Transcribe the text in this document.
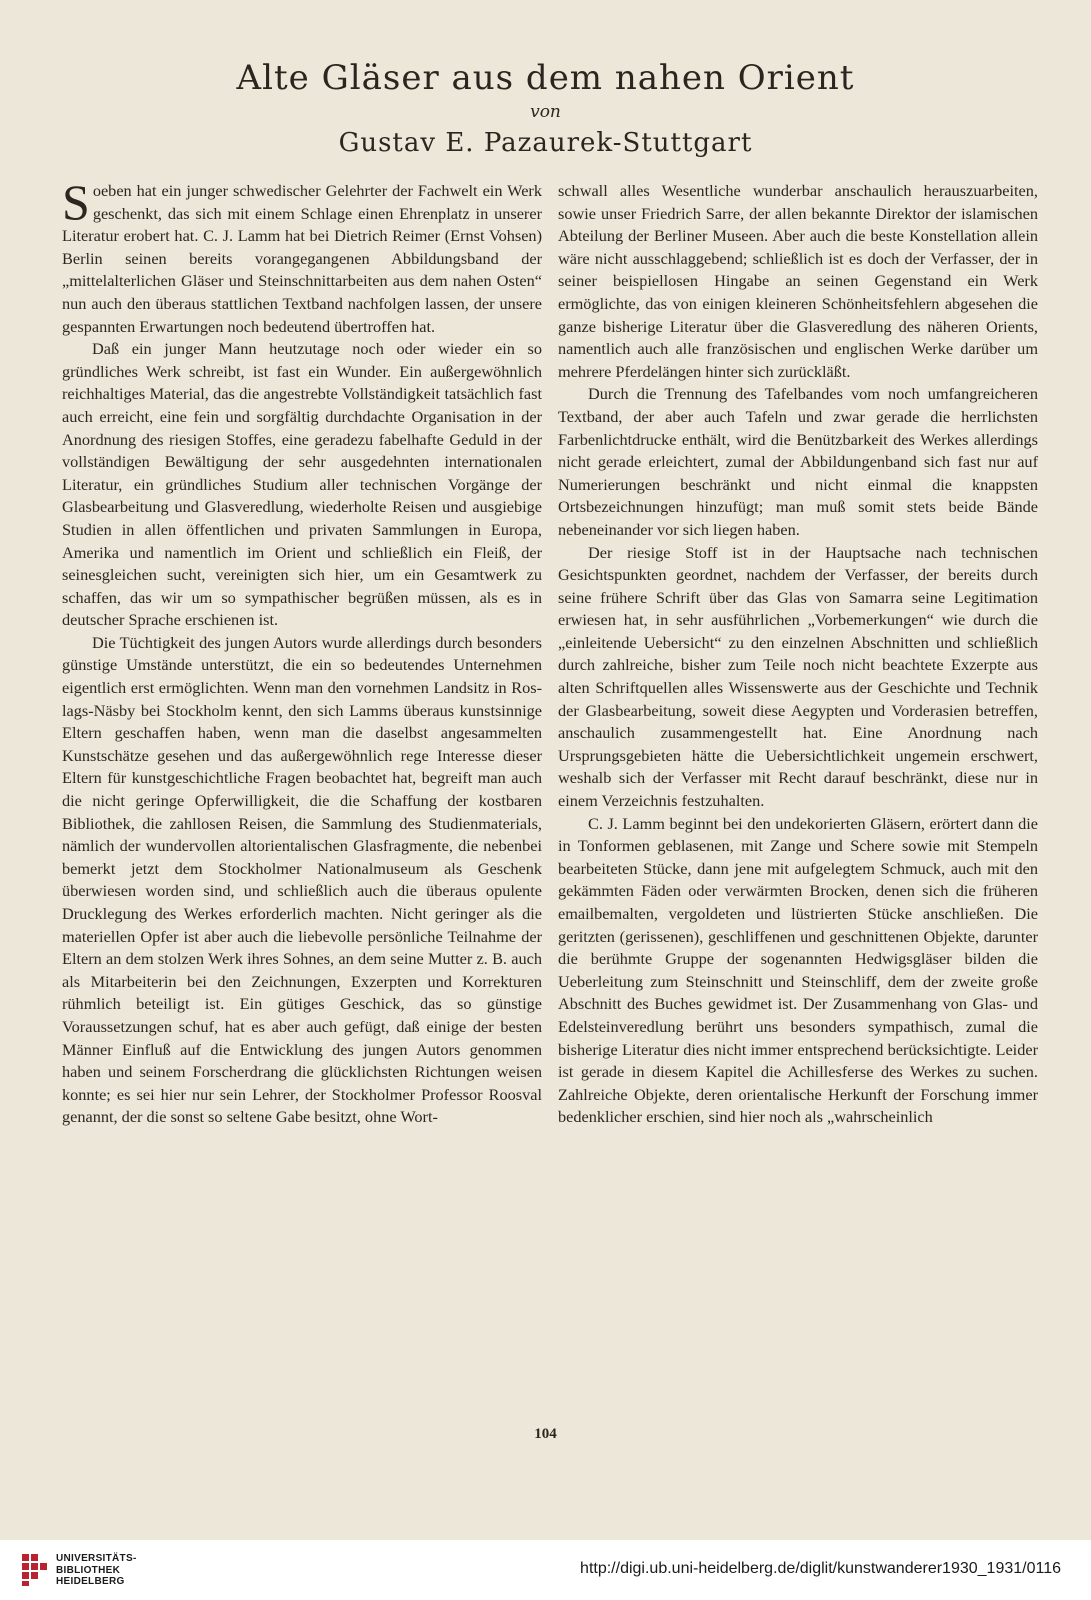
Alte Gläser aus dem nahen Orient
von
Gustav E. Pazaurek-Stuttgart

Soeben hat ein junger schwedischer Gelehrter der Fachwelt ein Werk geschenkt, das sich mit einem Schlage einen Ehrenplatz in unserer Literatur erobert hat. C. J. Lamm hat bei Dietrich Reimer (Ernst Vohsen) Berlin seinen bereits vorangegangenen Abbildungsband der „mittelalterlichen Gläser und Steinschnittarbeiten aus dem nahen Osten“ nun auch den überaus stattlichen Textband nachfolgen lassen, der unsere gespannten Erwartungen noch bedeutend übertroffen hat.

Daß ein junger Mann heutzutage noch oder wieder ein so gründliches Werk schreibt, ist fast ein Wunder. Ein außergewöhnlich reichhaltiges Material, das die angestrebte Vollständigkeit tatsächlich fast auch erreicht, eine fein und sorgfältig durchdachte Organisation in der Anordnung des riesigen Stoffes, eine geradezu fabelhafte Geduld in der vollständigen Bewältigung der sehr ausgedehnten internationalen Literatur, ein gründliches Studium aller technischen Vorgänge der Glasbearbeitung und Glasveredlung, wiederholte Reisen und ausgiebige Studien in allen öffentlichen und privaten Sammlungen in Europa, Amerika und namentlich im Orient und schließlich ein Fleiß, der seinesgleichen sucht, vereinigten sich hier, um ein Gesamtwerk zu schaffen, das wir um so sympathischer begrüßen müssen, als es in deutscher Sprache erschienen ist.

Die Tüchtigkeit des jungen Autors wurde allerdings durch besonders günstige Umstände unterstützt, die ein so bedeutendes Unternehmen eigentlich erst ermöglichten. Wenn man den vornehmen Landsitz in Roslags-Näsby bei Stockholm kennt, den sich Lamms überaus kunstsinnige Eltern geschaffen haben, wenn man die daselbst angesammelten Kunstschätze gesehen und das außergewöhnlich rege Interesse dieser Eltern für kunstgeschichtliche Fragen beobachtet hat, begreift man auch die nicht geringe Opferwilligkeit, die die Schaffung der kostbaren Bibliothek, die zahllosen Reisen, die Sammlung des Studienmaterials, nämlich der wundervollen altorientalischen Glasfragmente, die nebenbei bemerkt jetzt dem Stockholmer Nationalmuseum als Geschenk überwiesen worden sind, und schließlich auch die überaus opulente Drucklegung des Werkes erforderlich machten. Nicht geringer als die materiellen Opfer ist aber auch die liebevolle persönliche Teilnahme der Eltern an dem stolzen Werk ihres Sohnes, an dem seine Mutter z. B. auch als Mitarbeiterin bei den Zeichnungen, Exzerpten und Korrekturen rühmlich beteiligt ist. Ein gütiges Geschick, das so günstige Voraussetzungen schuf, hat es aber auch gefügt, daß einige der besten Männer Einfluß auf die Entwicklung des jungen Autors genommen haben und seinem Forscherdrang die glücklichsten Richtungen weisen konnte; es sei hier nur sein Lehrer, der Stockholmer Professor Roosval genannt, der die sonst so seltene Gabe besitzt, ohne Wort-

schwall alles Wesentliche wunderbar anschaulich herauszuarbeiten, sowie unser Friedrich Sarre, der allen bekannte Direktor der islamischen Abteilung der Berliner Museen. Aber auch die beste Konstellation allein wäre nicht ausschlaggebend; schließlich ist es doch der Verfasser, der in seiner beispiellosen Hingabe an seinen Gegenstand ein Werk ermöglichte, das von einigen kleineren Schönheitsfehlern abgesehen die ganze bisherige Literatur über die Glasveredlung des näheren Orients, namentlich auch alle französischen und englischen Werke darüber um mehrere Pferdelängen hinter sich zurückläßt.

Durch die Trennung des Tafelbandes vom noch umfangreicheren Textband, der aber auch Tafeln und zwar gerade die herrlichsten Farbenlichtdrucke enthält, wird die Benützbarkeit des Werkes allerdings nicht gerade erleichtert, zumal der Abbildungenband sich fast nur auf Numerierungen beschränkt und nicht einmal die knappsten Ortsbezeichnungen hinzufügt; man muß somit stets beide Bände nebeneinander vor sich liegen haben.

Der riesige Stoff ist in der Hauptsache nach technischen Gesichtspunkten geordnet, nachdem der Verfasser, der bereits durch seine frühere Schrift über das Glas von Samarra seine Legitimation erwiesen hat, in sehr ausführlichen „Vorbemerkungen“ wie durch die „einleitende Uebersicht“ zu den einzelnen Abschnitten und schließlich durch zahlreiche, bisher zum Teile noch nicht beachtete Exzerpte aus alten Schriftquellen alles Wissenswerte aus der Geschichte und Technik der Glasbearbeitung, soweit diese Aegypten und Vorderasien betreffen, anschaulich zusammengestellt hat. Eine Anordnung nach Ursprungsgebieten hätte die Uebersichtlichkeit ungemein erschwert, weshalb sich der Verfasser mit Recht darauf beschränkt, diese nur in einem Verzeichnis festzuhalten.

C. J. Lamm beginnt bei den undekorierten Gläsern, erörtert dann die in Tonformen geblasenen, mit Zange und Schere sowie mit Stempeln bearbeiteten Stücke, dann jene mit aufgelegtem Schmuck, auch mit den gekämmten Fäden oder verwärmten Brocken, denen sich die früheren emailbemalten, vergoldeten und lüstrierten Stücke anschließen. Die geritzten (gerissenen), geschliffenen und geschnittenen Objekte, darunter die berühmte Gruppe der sogenannten Hedwigsgläser bilden die Ueberleitung zum Steinschnitt und Steinschliff, dem der zweite große Abschnitt des Buches gewidmet ist. Der Zusammenhang von Glas- und Edelsteinveredlung berührt uns besonders sympathisch, zumal die bisherige Literatur dies nicht immer entsprechend berücksichtigte. Leider ist gerade in diesem Kapitel die Achillesferse des Werkes zu suchen. Zahlreiche Objekte, deren orientalische Herkunft der Forschung immer bedenklicher erschien, sind hier noch als „wahrscheinlich

104
UNIVERSITÄTS-
BIBLIOTHEK
HEIDELBERG
http://digi.ub.uni-heidelberg.de/diglit/kunstwanderer1930_1931/0116
